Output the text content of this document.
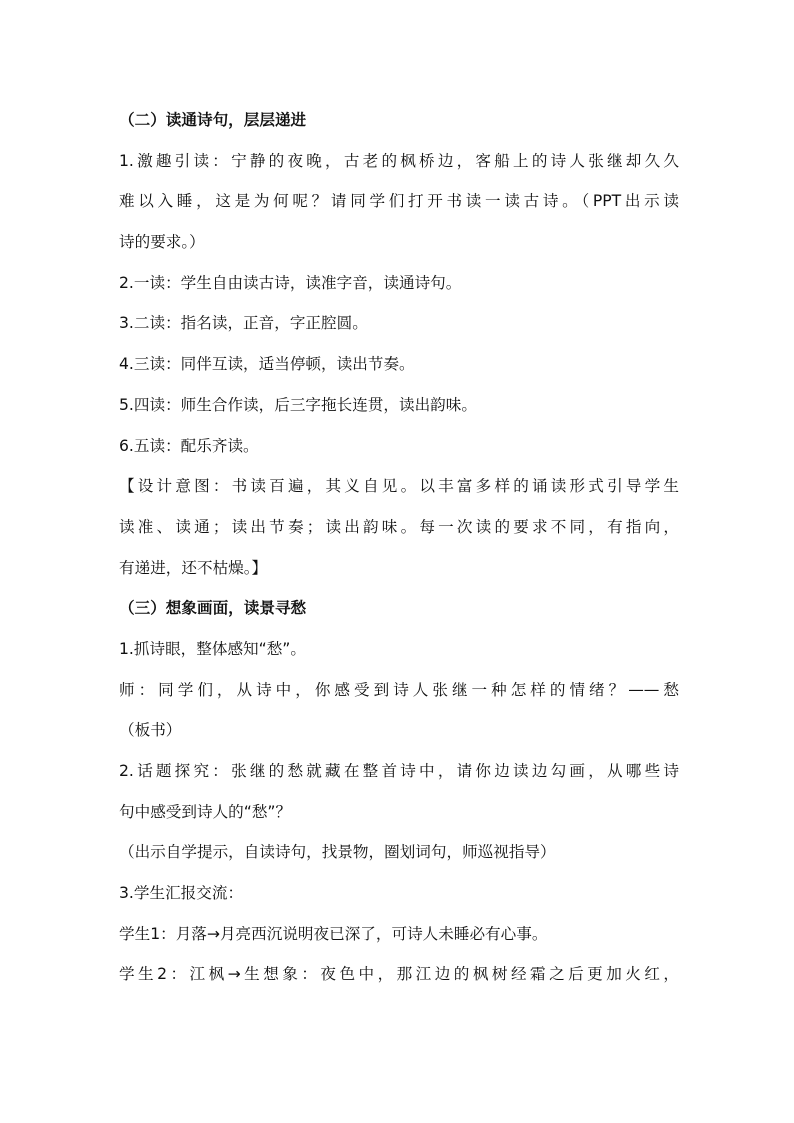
（二）读通诗句，层层递进
1.激趣引读：宁静的夜晚，古老的枫桥边，客船上的诗人张继却久久
难以入睡，这是为何呢？请同学们打开书读一读古诗。（PPT出示读
诗的要求。）
2.一读：学生自由读古诗，读准字音，读通诗句。
3.二读：指名读，正音，字正腔圆。
4.三读：同伴互读，适当停顿，读出节奏。
5.四读：师生合作读，后三字拖长连贯，读出韵味。
6.五读：配乐齐读。
【设计意图：书读百遍，其义自见。以丰富多样的诵读形式引导学生
读准、读通；读出节奏；读出韵味。每一次读的要求不同，有指向，
有递进，还不枯燥。】
（三）想象画面，读景寻愁
1.抓诗眼，整体感知“愁”。
师：同学们，从诗中，你感受到诗人张继一种怎样的情绪？——愁
（板书）
2.话题探究：张继的愁就藏在整首诗中，请你边读边勾画，从哪些诗
句中感受到诗人的“愁”？
（出示自学提示，自读诗句，找景物，圈划词句，师巡视指导）
3.学生汇报交流：
学生1：月落→月亮西沉说明夜已深了，可诗人未睡必有心事。
学生2：江枫→生想象：夜色中，那江边的枫树经霜之后更加火红，
